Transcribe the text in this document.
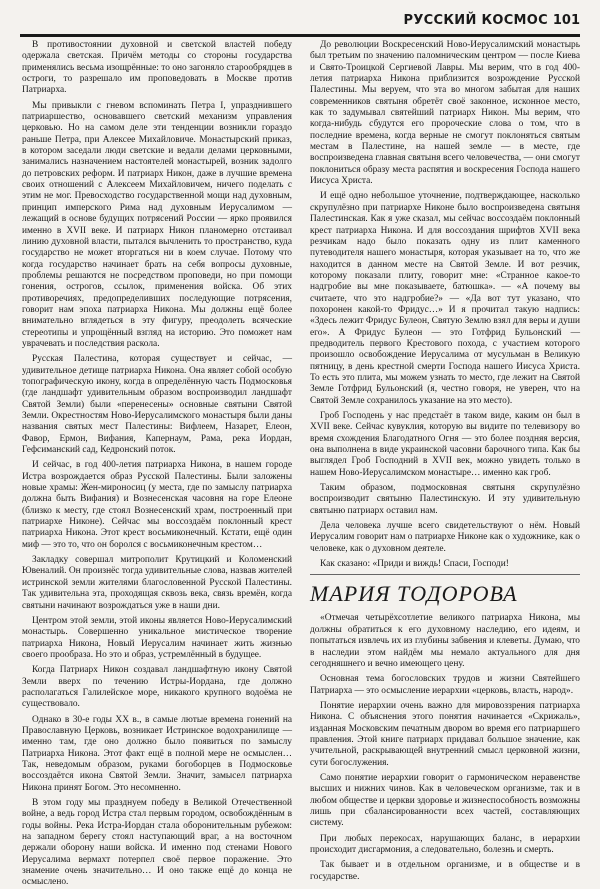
РУССКИЙ КОСМОС 101

В противостоянии духовной и светской властей победу одержала светская. Причём методы со стороны государства применялись весьма изощрённые: то оно загоняло старообрядцев в остроги, то разрешало им проповедовать в Москве против Патриарха.

Мы привыкли с гневом вспоминать Петра I, упразднившего патриаршество, основавшего светский механизм управления церковью. Но на самом деле эти тенденции возникли гораздо раньше Петра, при Алексее Михайловиче. Монастырский приказ, в котором заседали люди светские и ведали делами церковными, занимались назначением настоятелей монастырей, возник задолго до петровских реформ. И патриарх Никон, даже в лучшие времена своих отношений с Алексеем Михайловичем, ничего поделать с этим не мог. Превосходство государственной мощи над духовным, принцип имперского Рима над духовным Иерусалимом — лежащий в основе будущих потрясений России — ярко проявился именно в XVII веке. И патриарх Никон планомерно отстаивал линию духовной власти, пытался вычленить то пространство, куда государство не может вторгаться ни в коем случае. Потому что когда государство начинает брать на себя вопросы духовные, проблемы решаются не посредством проповеди, но при помощи гонения, острогов, ссылок, применения войска. Об этих противоречиях, предопределивших последующие потрясения, говорит нам эпоха патриарха Никона. Мы должны ещё более внимательно вглядеться в эту фигуру, преодолеть всяческие стереотипы и упрощённый взгляд на историю. Это поможет нам уврачевать и последствия раскола.

Русская Палестина, которая существует и сейчас, — удивительное детище патриарха Никона. Она являет собой особую топографическую икону, когда в определённую часть Подмосковья (где ландшафт удивительным образом воспроизводил ландшафт Святой Земли) были «перенесены» основные святыни Святой Земли. Окрестностям Ново-Иерусалимского монастыря были даны названия святых мест Палестины: Вифлеем, Назарет, Елеон, Фавор, Ермон, Вифания, Капернаум, Рама, река Иордан, Гефсиманский сад, Кедронский поток.

И сейчас, в год 400-летия патриарха Никона, в нашем городе Истра возрождается образ Русской Палестины. Были заложены новые храмы: Жен-мироносиц (у места, где по замыслу патриарха должна быть Вифания) и Вознесенская часовня на горе Елеоне (близко к месту, где стоял Вознесенский храм, построенный при патриархе Никоне). Сейчас мы воссоздаём поклонный крест патриарха Никона. Этот крест восьмиконечный. Кстати, ещё один миф — это то, что он боролся с восьмиконечным крестом…

Закладку совершал митрополит Крутицкий и Коломенский Ювеналий. Он произнёс тогда удивительные слова, назвав жителей истринской земли жителями благословенной Русской Палестины. Так удивительна эта, проходящая сквозь века, связь времён, когда святыни начинают возрождаться уже в наши дни.

Центром этой земли, этой иконы является Ново-Иерусалимский монастырь. Совершенно уникальное мистическое творение патриарха Никона, Новый Иерусалим начинает жить жизнью своего прообраза. Но это и образ, устремлённый в будущее.

Когда Патриарх Никон создавал ландшафтную икону Святой Земли вверх по течению Истры-Иордана, где должно располагаться Галилейское море, никакого крупного водоёма не существовало.

Однако в 30-е годы XX в., в самые лютые времена гонений на Православную Церковь, возникает Истринское водохранилище — именно там, где оно должно было появиться по замыслу Патриарха Никона. Этот факт ещё в полной мере не осмыслен… Так, неведомым образом, руками богоборцев в Подмосковье воссоздаётся икона Святой Земли. Значит, замысел патриарха Никона принят Богом. Это несомненно.

В этом году мы празднуем победу в Великой Отечественной войне, а ведь город Истра стал первым городом, освобождённым в годы войны. Река Истра-Иордан стала оборонительным рубежом: на западном берегу стоял наступающий враг, а на восточном держали оборону наши войска. И именно под стенами Нового Иерусалима вермахт потерпел своё первое поражение. Это знамение очень значительно… И оно также ещё до конца не осмыслено.

До революции Воскресенский Ново-Иерусалимский монастырь был третьим по значению паломническим центром — после Киева и Свято-Троицкой Сергиевой Лавры. Мы верим, что в год 400-летия патриарха Никона приблизится возрождение Русской Палестины. Мы веруем, что эта во многом забытая для наших современников святыня обретёт своё законное, исконное место, как то задумывал святейший патриарх Никон. Мы верим, что когда-нибудь сбудутся его пророческие слова о том, что в последние времена, когда верные не смогут поклоняться святым местам в Палестине, на нашей земле — в месте, где воспроизведена главная святыня всего человечества, — они смогут поклониться образу места распятия и воскресения Господа нашего Иисуса Христа.

И ещё одно небольшое уточнение, подтверждающее, насколько скрупулёзно при патриархе Никоне было воспроизведена святыня Палестинская. Как я уже сказал, мы сейчас воссоздаём поклонный крест патриарха Никона. И для воссоздания шрифтов XVII века резчикам надо было показать одну из плит каменного путеводителя нашего монастыря, которая указывает на то, что же находится в данном месте на Святой Земле. И вот резчик, которому показали плиту, говорит мне: «Странное какое-то надгробие вы мне показываете, батюшка». — «А почему вы считаете, что это надгробие?» — «Да вот тут указано, что похоронен какой-то Фридус…» И я прочитал такую надпись: «Здесь лежит Фридус Булеон, Святую Землю взял для веры и души его». А Фридус Булеон — это Готфрид Бульонский — предводитель первого Крестового похода, с участием которого произошло освобождение Иерусалима от мусульман в Великую пятницу, в день крестной смерти Господа нашего Иисуса Христа. То есть это плита, мы можем узнать то место, где лежит на Святой Земле Готфрид Бульонский (я, честно говоря, не уверен, что на Святой Земле сохранилось указание на это место).

Гроб Господень у нас предстаёт в таком виде, каким он был в XVII веке. Сейчас кувуклия, которую вы видите по телевизору во время схождения Благодатного Огня — это более поздняя версия, она выполнена в виде украинской часовни барочного типа. Как бы выглядел Гроб Господний в XVII век, можно увидеть только в нашем Ново-Иерусалимском монастыре… именно как гроб.

Таким образом, подмосковная святыня скрупулёзно воспроизводит святыню Палестинскую. И эту удивительную святыню патриарх оставил нам.

Дела человека лучше всего свидетельствуют о нём. Новый Иерусалим говорит нам о патриархе Никоне как о художнике, как о человеке, как о духовном деятеле.

Как сказано: «Приди и виждь! Спаси, Господи!

МАРИЯ ТОДОРОВА

«Отмечая четырёхсотлетие великого патриарха Никона, мы должны обратиться к его духовному наследию, его идеям, и попытаться извлечь их из глубины забвения и клеветы. Думаю, что в наследии этом найдём мы немало актуального для дня сегодняшнего и вечно имеющего цену.

Основная тема богословских трудов и жизни Святейшего Патриарха — это осмысление иерархии «церковь, власть, народ».

Понятие иерархии очень важно для мировоззрения патриарха Никона. С объяснения этого понятия начинается «Скрижаль», изданная Московским печатным двором во время его патриаршего правления. Этой книге патриарх придавал большое значение, как учительной, раскрывающей внутренний смысл церковной жизни, сути богослужения.

Само понятие иерархии говорит о гармоническом неравенстве высших и нижних чинов. Как в человеческом организме, так и в любом обществе и церкви здоровье и жизнеспособность возможны лишь при сбалансированности всех частей, составляющих систему.

При любых перекосах, нарушающих баланс, в иерархии происходит дисгармония, а следовательно, болезнь и смерть.

Так бывает и в отдельном организме, и в обществе и в государстве.
